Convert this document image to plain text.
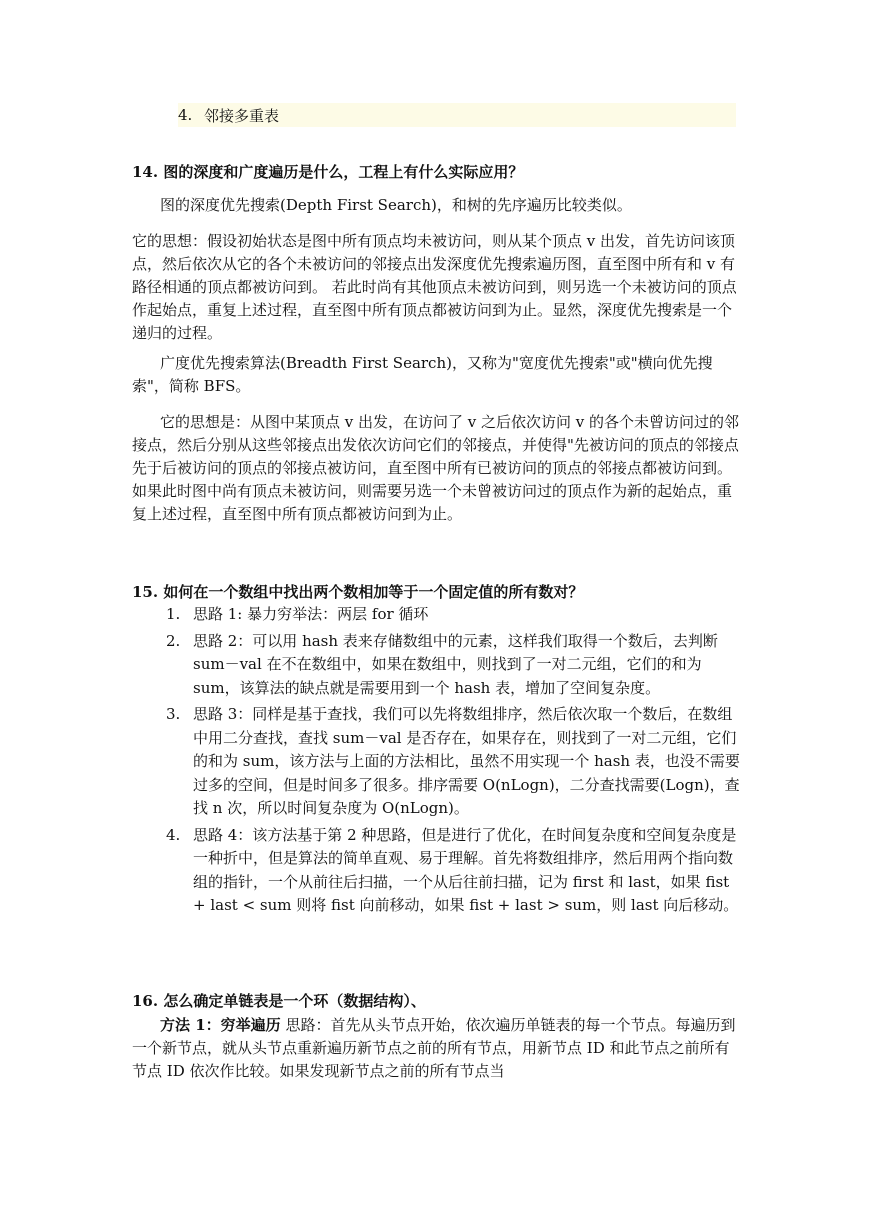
4. 邻接多重表
14. 图的深度和广度遍历是什么，工程上有什么实际应用？
图的深度优先搜索(Depth First Search)，和树的先序遍历比较类似。
它的思想：假设初始状态是图中所有顶点均未被访问，则从某个顶点 v 出发，首先访问该顶点，然后依次从它的各个未被访问的邻接点出发深度优先搜索遍历图，直至图中所有和 v 有路径相通的顶点都被访问到。 若此时尚有其他顶点未被访问到，则另选一个未被访问的顶点作起始点，重复上述过程，直至图中所有顶点都被访问到为止。显然，深度优先搜索是一个递归的过程。
广度优先搜索算法(Breadth First Search)，又称为"宽度优先搜索"或"横向优先搜索"，简称 BFS。
它的思想是：从图中某顶点 v 出发，在访问了 v 之后依次访问 v 的各个未曾访问过的邻接点，然后分别从这些邻接点出发依次访问它们的邻接点，并使得"先被访问的顶点的邻接点先于后被访问的顶点的邻接点被访问，直至图中所有已被访问的顶点的邻接点都被访问到。如果此时图中尚有顶点未被访问，则需要另选一个未曾被访问过的顶点作为新的起始点，重复上述过程，直至图中所有顶点都被访问到为止。
15. 如何在一个数组中找出两个数相加等于一个固定值的所有数对？
1. 思路 1: 暴力穷举法：两层 for 循环
2. 思路 2：可以用 hash 表来存储数组中的元素，这样我们取得一个数后，去判断 sum－val 在不在数组中，如果在数组中，则找到了一对二元组，它们的和为 sum，该算法的缺点就是需要用到一个 hash 表，增加了空间复杂度。
3. 思路 3：同样是基于查找，我们可以先将数组排序，然后依次取一个数后，在数组中用二分查找，查找 sum－val 是否存在，如果存在，则找到了一对二元组，它们的和为 sum，该方法与上面的方法相比，虽然不用实现一个 hash 表，也没不需要过多的空间，但是时间多了很多。排序需要 O(nLogn)，二分查找需要(Logn)，查找 n 次，所以时间复杂度为 O(nLogn)。
4. 思路 4：该方法基于第 2 种思路，但是进行了优化，在时间复杂度和空间复杂度是一种折中，但是算法的简单直观、易于理解。首先将数组排序，然后用两个指向数组的指针，一个从前往后扫描，一个从后往前扫描，记为 first 和 last，如果 fist + last < sum 则将 fist 向前移动，如果 fist + last > sum，则 last 向后移动。
16. 怎么确定单链表是一个环（数据结构）、
方法 1：穷举遍历 思路：首先从头节点开始，依次遍历单链表的每一个节点。每遍历到一个新节点，就从头节点重新遍历新节点之前的所有节点，用新节点 ID 和此节点之前所有节点 ID 依次作比较。如果发现新节点之前的所有节点当
